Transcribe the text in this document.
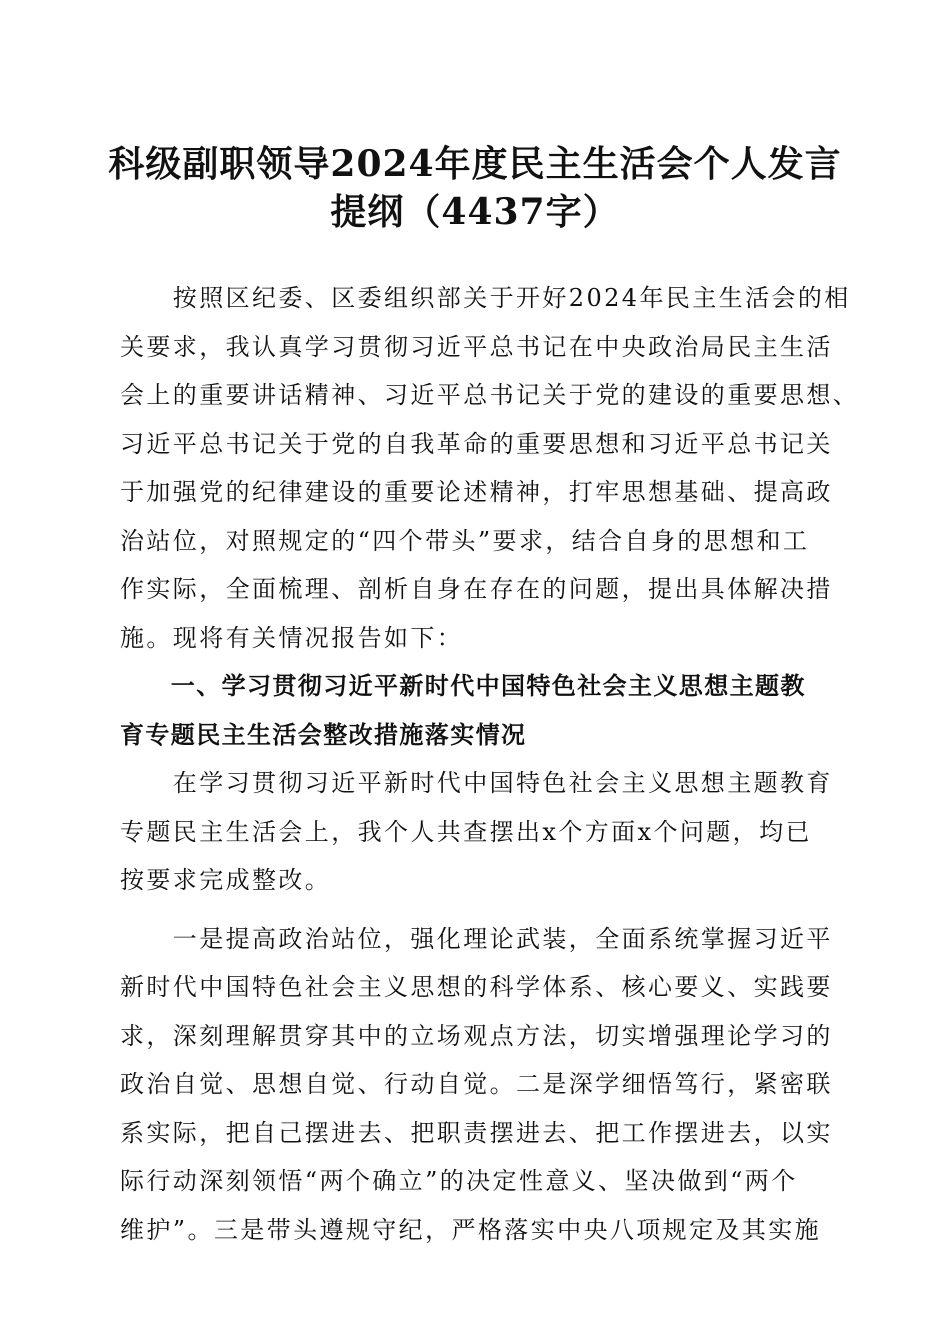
科级副职领导2024年度民主生活会个人发言
提纲（4437字）
　　按照区纪委、区委组织部关于开好2024年民主生活会的相
关要求，我认真学习贯彻习近平总书记在中央政治局民主生活
会上的重要讲话精神、习近平总书记关于党的建设的重要思想、
习近平总书记关于党的自我革命的重要思想和习近平总书记关
于加强党的纪律建设的重要论述精神，打牢思想基础、提高政
治站位，对照规定的“四个带头”要求，结合自身的思想和工
作实际，全面梳理、剖析自身在存在的问题，提出具体解决措
施。现将有关情况报告如下：
　　一、学习贯彻习近平新时代中国特色社会主义思想主题教
育专题民主生活会整改措施落实情况
　　在学习贯彻习近平新时代中国特色社会主义思想主题教育
专题民主生活会上，我个人共查摆出x个方面x个问题，均已
按要求完成整改。
　　一是提高政治站位，强化理论武装，全面系统掌握习近平
新时代中国特色社会主义思想的科学体系、核心要义、实践要
求，深刻理解贯穿其中的立场观点方法，切实增强理论学习的
政治自觉、思想自觉、行动自觉。二是深学细悟笃行，紧密联
系实际，把自己摆进去、把职责摆进去、把工作摆进去，以实
际行动深刻领悟“两个确立”的决定性意义、坚决做到“两个
维护”。三是带头遵规守纪，严格落实中央八项规定及其实施
